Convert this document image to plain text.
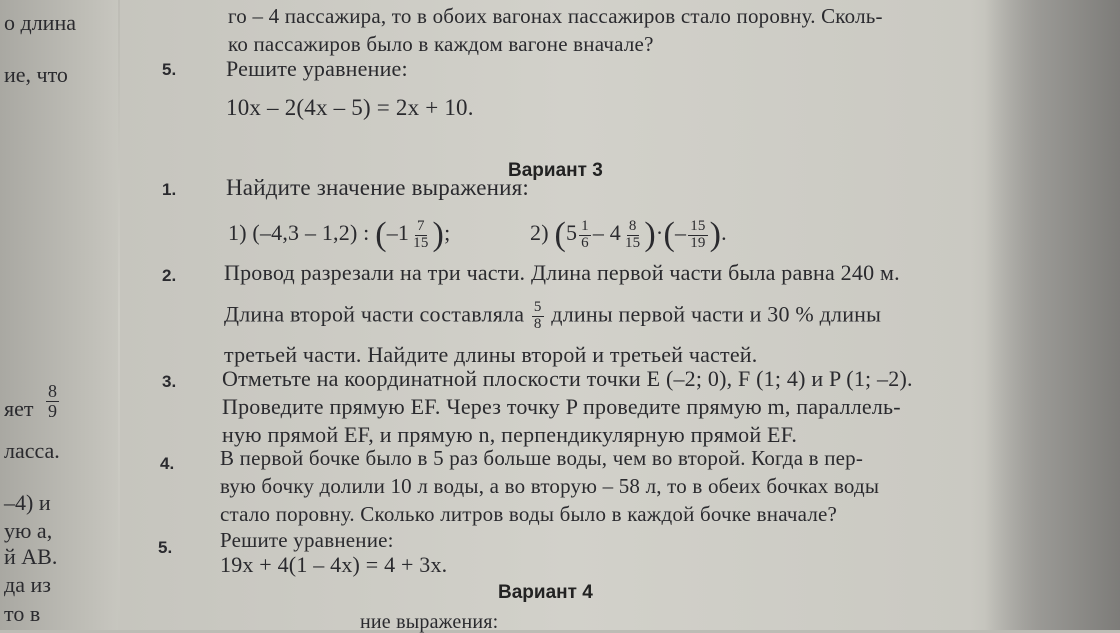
о длина
ие, что
яет $\frac{8}{9}$
ласса.
–4) и
ую a,
й AB.
да из
то в
го – 4 пассажира, то в обоих вагонах пассажиров стало поровну. Сколь-
ко пассажиров было в каждом вагоне вначале?
5. Решите уравнение:
10x – 2(4x – 5) = 2x + 10.
Вариант 3
1. Найдите значение выражения:
1) (–4,3 – 1,2) : ($-1 \frac{7}{15}$ );	2) ($5 \frac{1}{6} - 4 \frac{8}{15}$ )·(– $\frac{15}{19}$ ).
2. Провод разрезали на три части. Длина первой части была равна 240 м.
Длина второй части составляла $\frac{5}{8}$ длины первой части и 30 % длины
третьей части. Найдите длины второй и третьей частей.
3. Отметьте на координатной плоскости точки E (–2; 0), F (1; 4) и P (1; –2).
Проведите прямую EF. Через точку P проведите прямую m, параллель-
ную прямой EF, и прямую n, перпендикулярную прямой EF.
4. В первой бочке было в 5 раз больше воды, чем во второй. Когда в пер-
вую бочку долили 10 л воды, а во вторую – 58 л, то в обеих бочках воды
стало поровну. Сколько литров воды было в каждой бочке вначале?
5. Решите уравнение:
19x + 4(1 – 4x) = 4 + 3x.
Вариант 4
ние выражения:
